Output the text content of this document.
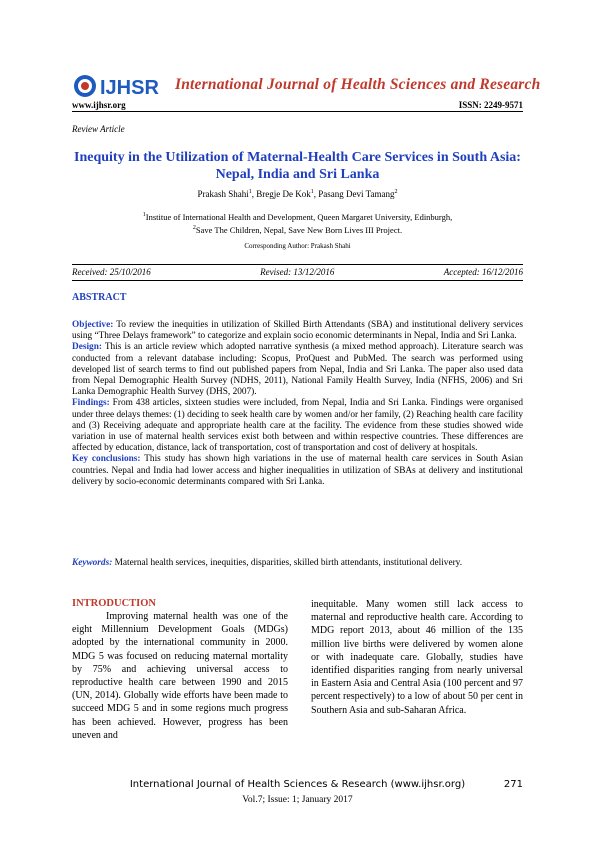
IJHSR International Journal of Health Sciences and Research
www.ijhsr.org	ISSN: 2249-9571
Review Article
Inequity in the Utilization of Maternal-Health Care Services in South Asia: Nepal, India and Sri Lanka
Prakash Shahi$^1$, Bregje De Kok$^1$, Pasang Devi Tamang$^2$
$^1$Institue of International Health and Development, Queen Margaret University, Edinburgh,
$^2$Save The Children, Nepal, Save New Born Lives III Project.
Corresponding Author: Prakash Shahi
Received: 25/10/2016	Revised: 13/12/2016	Accepted: 16/12/2016
ABSTRACT

Objective: To review the inequities in utilization of Skilled Birth Attendants (SBA) and institutional delivery services using “Three Delays framework” to categorize and explain socio economic determinants in Nepal, India and Sri Lanka.

Design: This is an article review which adopted narrative synthesis (a mixed method approach). Literature search was conducted from a relevant database including: Scopus, ProQuest and PubMed. The search was performed using developed list of search terms to find out published papers from Nepal, India and Sri Lanka. The paper also used data from Nepal Demographic Health Survey (NDHS, 2011), National Family Health Survey, India (NFHS, 2006) and Sri Lanka Demographic Health Survey (DHS, 2007).

Findings: From 438 articles, sixteen studies were included, from Nepal, India and Sri Lanka. Findings were organised under three delays themes: (1) deciding to seek health care by women and/or her family, (2) Reaching health care facility and (3) Receiving adequate and appropriate health care at the facility. The evidence from these studies showed wide variation in use of maternal health services exist both between and within respective countries. These differences are affected by education, distance, lack of transportation, cost of transportation and cost of delivery at hospitals.

Key conclusions: This study has shown high variations in the use of maternal health care services in South Asian countries. Nepal and India had lower access and higher inequalities in utilization of SBAs at delivery and institutional delivery by socio-economic determinants compared with Sri Lanka.

Keywords: Maternal health services, inequities, disparities, skilled birth attendants, institutional delivery.
INTRODUCTION

Improving maternal health was one of the eight Millennium Development Goals (MDGs) adopted by the international community in 2000. MDG 5 was focused on reducing maternal mortality by 75% and achieving universal access to reproductive health care between 1990 and 2015 (UN, 2014). Globally wide efforts have been made to succeed MDG 5 and in some regions much progress has been achieved. However, progress has been uneven and

inequitable. Many women still lack access to maternal and reproductive health care. According to MDG report 2013, about 46 million of the 135 million live births were delivered by women alone or with inadequate care. Globally, studies have identified disparities ranging from nearly universal in Eastern Asia and Central Asia (100 percent and 97 percent respectively) to a low of about 50 per cent in Southern Asia and sub-Saharan Africa.

International Journal of Health Sciences & Research (www.ijhsr.org)	271
Vol.7; Issue: 1; January 2017
